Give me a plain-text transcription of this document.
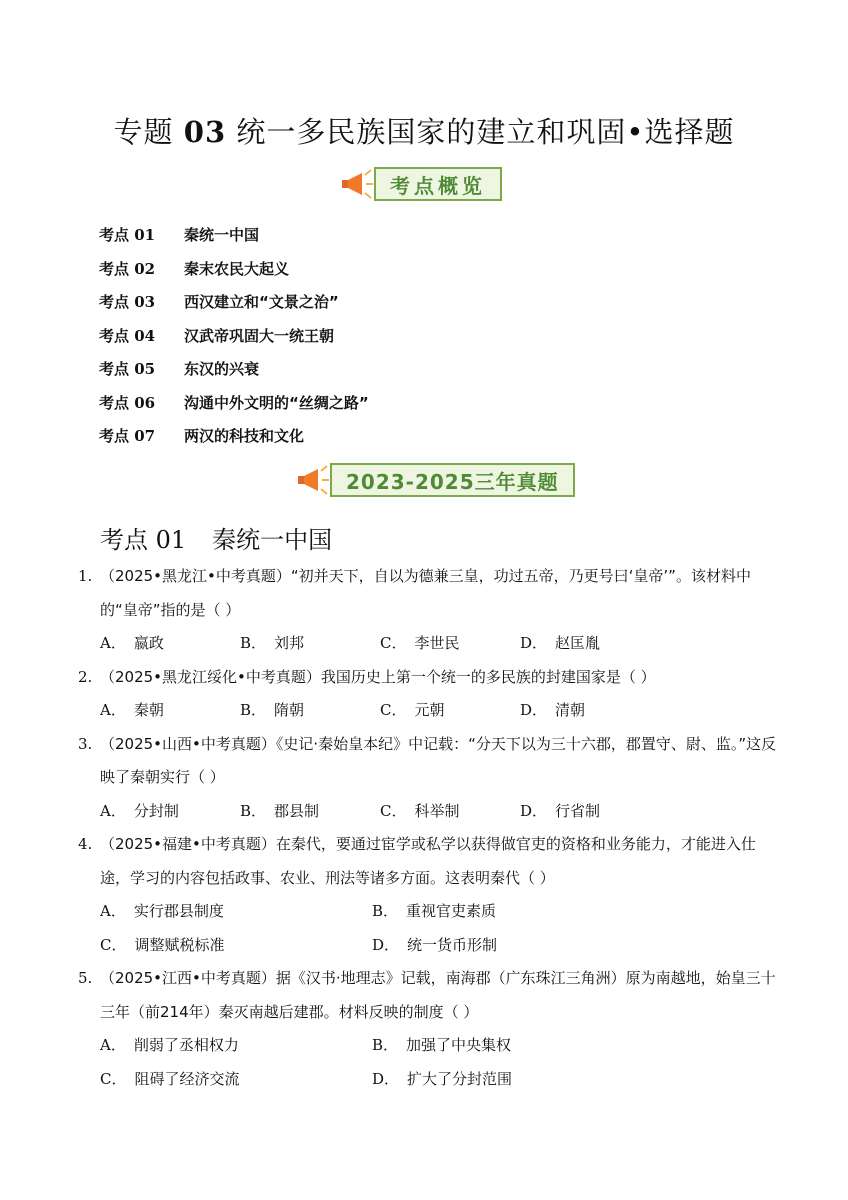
专题 03 统一多民族国家的建立和巩固•选择题
考点概览
考点 01	秦统一中国
考点 02	秦末农民大起义
考点 03	西汉建立和“文景之治”
考点 04	汉武帝巩固大一统王朝
考点 05	东汉的兴衰
考点 06	沟通中外文明的“丝绸之路”
考点 07	两汉的科技和文化
2023-2025三年真题
考点 01 秦统一中国
1. （2025•黑龙江•中考真题）“初并天下，自以为德兼三皇，功过五帝，乃更号曰‘皇帝’”。该材料中的“皇帝”指的是（ ）
A． 嬴政	B． 刘邦	C． 李世民	D． 赵匡胤
2. （2025•黑龙江绥化•中考真题）我国历史上第一个统一的多民族的封建国家是（ ）
A． 秦朝	B． 隋朝	C． 元朝	D． 清朝
3. （2025•山西•中考真题）《史记·秦始皇本纪》中记载：“分天下以为三十六郡，郡置守、尉、监。”这反映了秦朝实行（ ）
A． 分封制	B． 郡县制	C． 科举制	D． 行省制
4. （2025•福建•中考真题）在秦代，要通过宦学或私学以获得做官吏的资格和业务能力，才能进入仕途，学习的内容包括政事、农业、刑法等诸多方面。这表明秦代（ ）
A． 实行郡县制度	B． 重视官吏素质
C． 调整赋税标准	D． 统一货币形制
5. （2025•江西•中考真题）据《汉书·地理志》记载，南海郡（广东珠江三角洲）原为南越地，始皇三十三年（前214年）秦灭南越后建郡。材料反映的制度（ ）
A． 削弱了丞相权力	B． 加强了中央集权
C． 阻碍了经济交流	D． 扩大了分封范围
